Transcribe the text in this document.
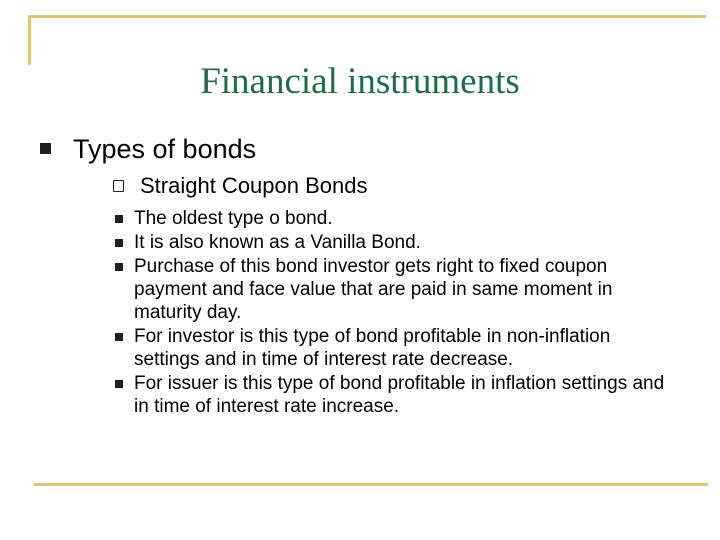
Financial instruments
Types of bonds
Straight Coupon Bonds
The oldest type o bond.
It is also known as a Vanilla Bond.
Purchase of this bond investor gets right to fixed coupon payment and face value that are paid in same moment in maturity day.
For investor is this type of bond profitable in non-inflation settings and in time of interest rate decrease.
For issuer is this type of bond profitable in inflation settings and in time of interest rate increase.
